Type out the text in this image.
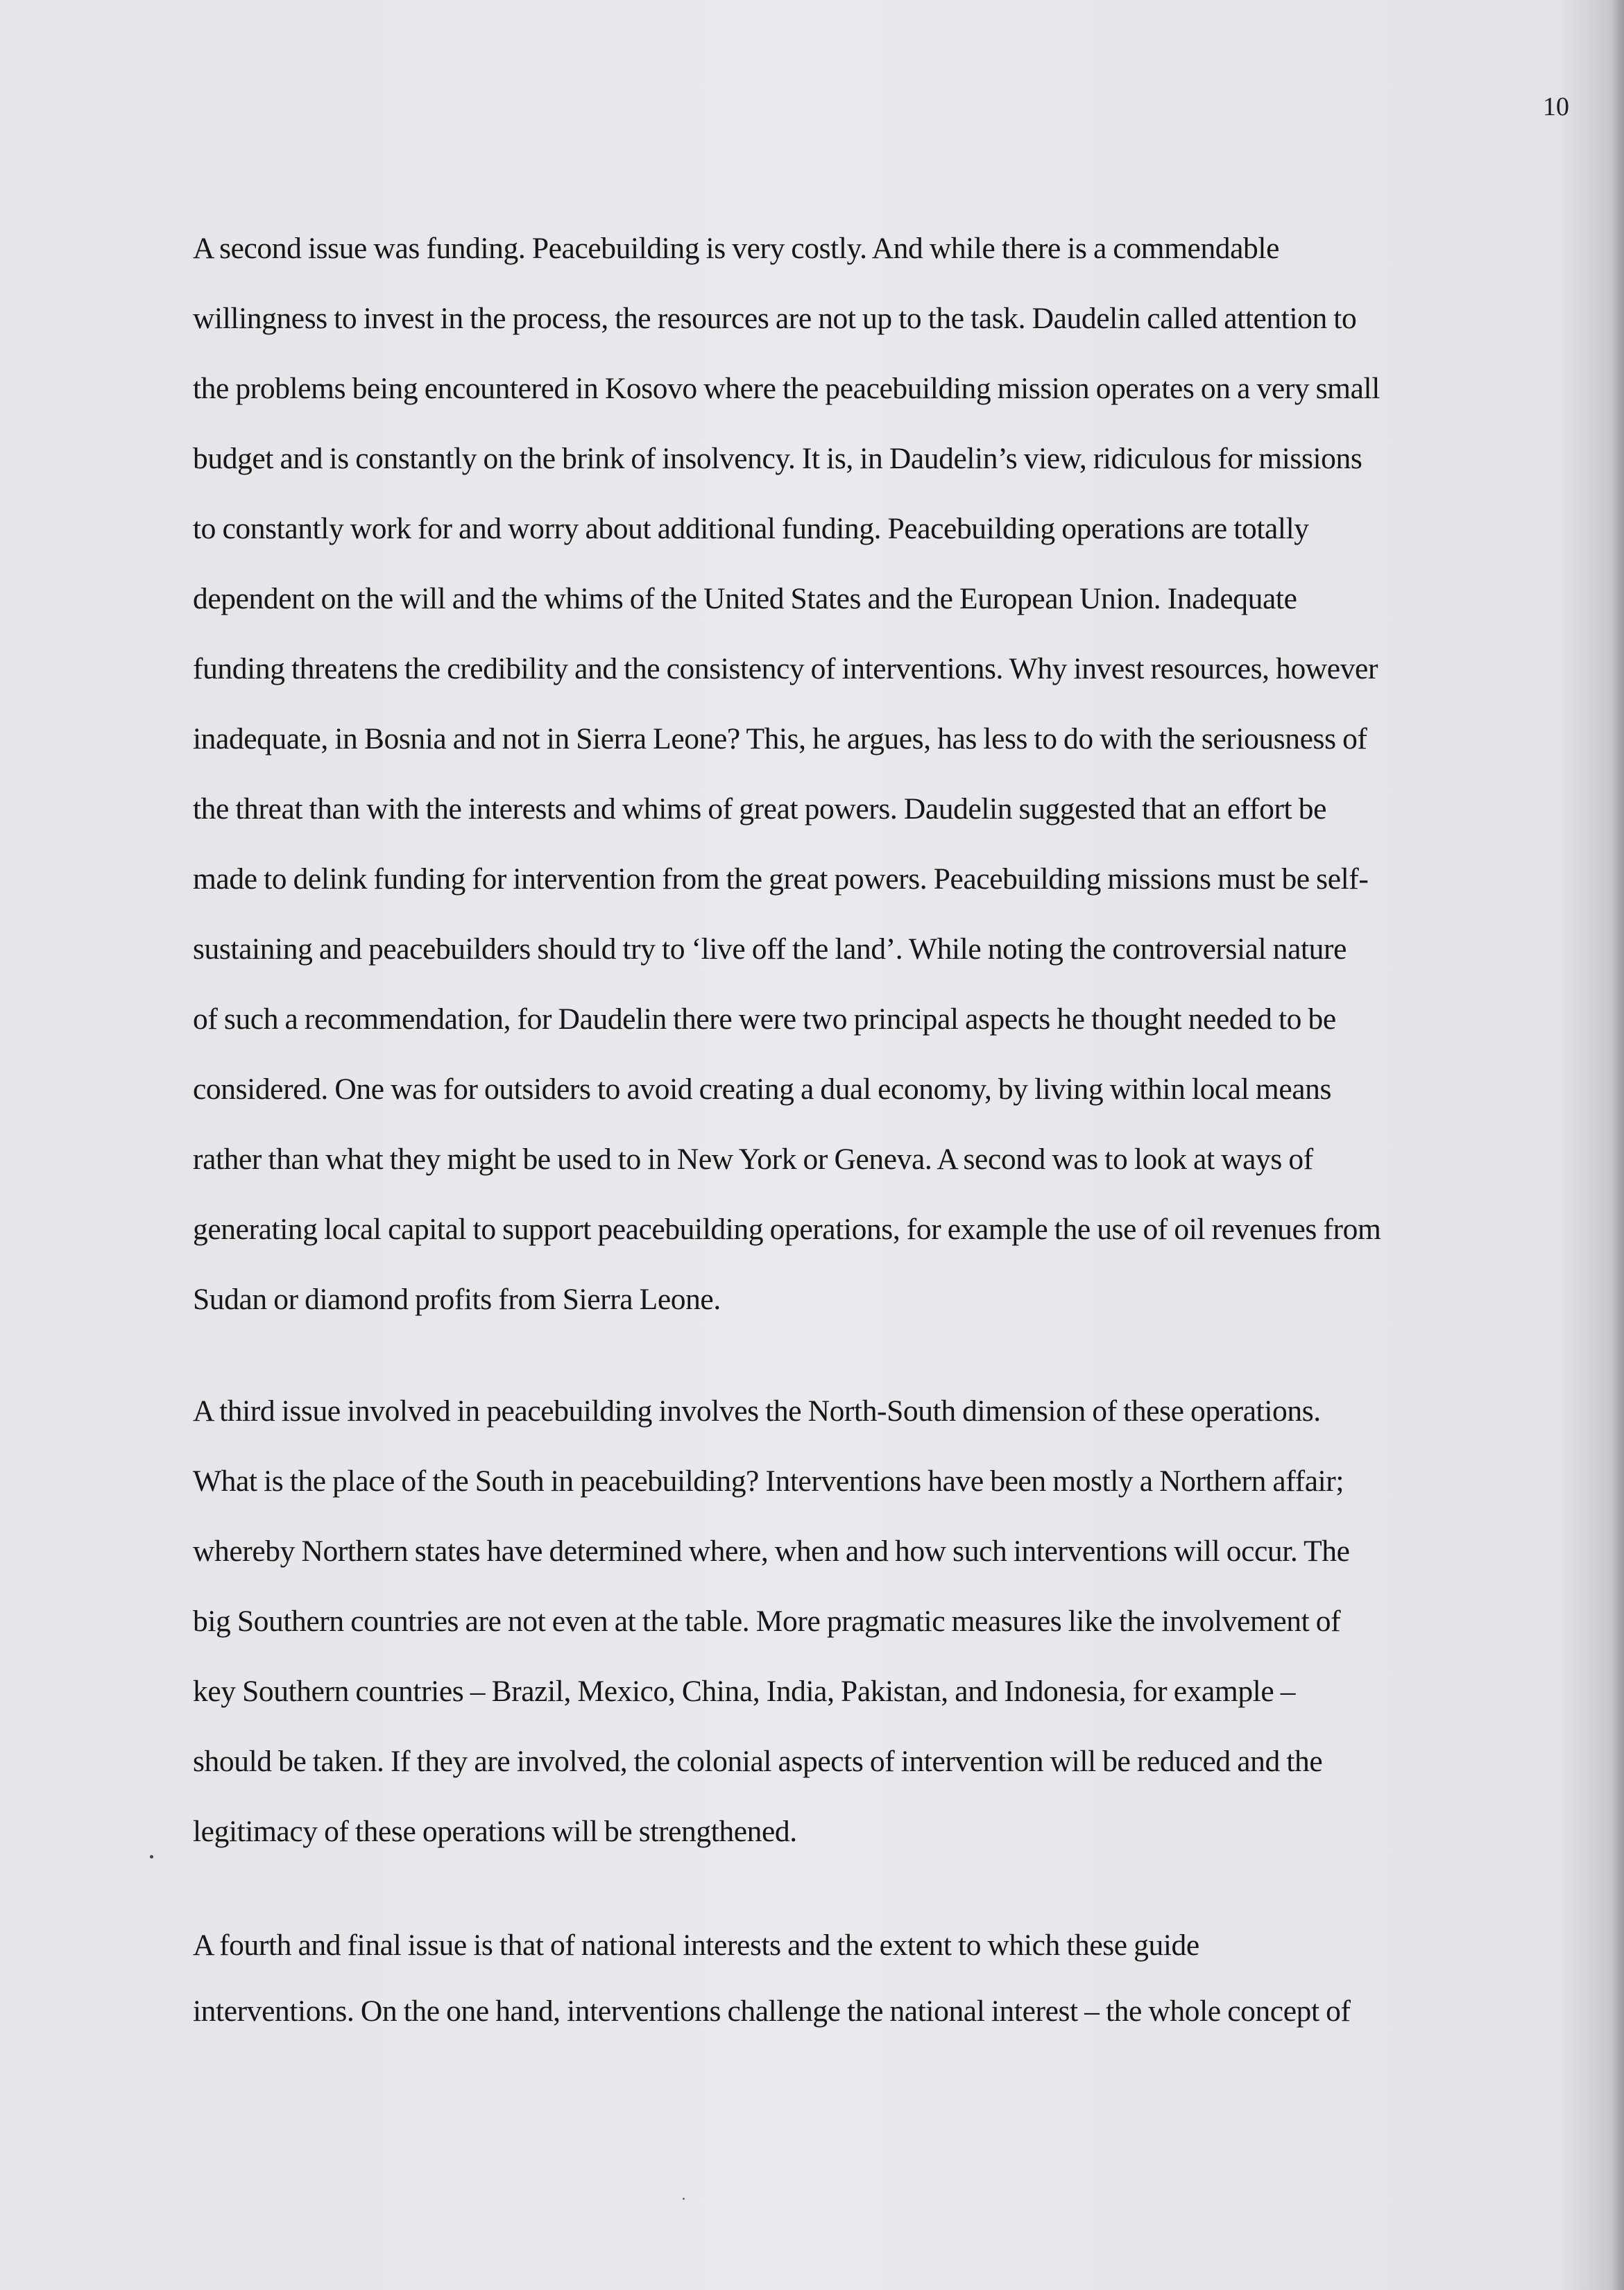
10
A second issue was funding. Peacebuilding is very costly. And while there is a commendable
willingness to invest in the process, the resources are not up to the task. Daudelin called attention to
the problems being encountered in Kosovo where the peacebuilding mission operates on a very small
budget and is constantly on the brink of insolvency. It is, in Daudelin’s view, ridiculous for missions
to constantly work for and worry about additional funding. Peacebuilding operations are totally
dependent on the will and the whims of the United States and the European Union. Inadequate
funding threatens the credibility and the consistency of interventions. Why invest resources, however
inadequate, in Bosnia and not in Sierra Leone? This, he argues, has less to do with the seriousness of
the threat than with the interests and whims of great powers. Daudelin suggested that an effort be
made to delink funding for intervention from the great powers. Peacebuilding missions must be self-
sustaining and peacebuilders should try to ‘live off the land’. While noting the controversial nature
of such a recommendation, for Daudelin there were two principal aspects he thought needed to be
considered. One was for outsiders to avoid creating a dual economy, by living within local means
rather than what they might be used to in New York or Geneva. A second was to look at ways of
generating local capital to support peacebuilding operations, for example the use of oil revenues from
Sudan or diamond profits from Sierra Leone.
A third issue involved in peacebuilding involves the North-South dimension of these operations.
What is the place of the South in peacebuilding? Interventions have been mostly a Northern affair;
whereby Northern states have determined where, when and how such interventions will occur. The
big Southern countries are not even at the table. More pragmatic measures like the involvement of
key Southern countries – Brazil, Mexico, China, India, Pakistan, and Indonesia, for example –
should be taken. If they are involved, the colonial aspects of intervention will be reduced and the
legitimacy of these operations will be strengthened.
A fourth and final issue is that of national interests and the extent to which these guide
interventions. On the one hand, interventions challenge the national interest – the whole concept of
